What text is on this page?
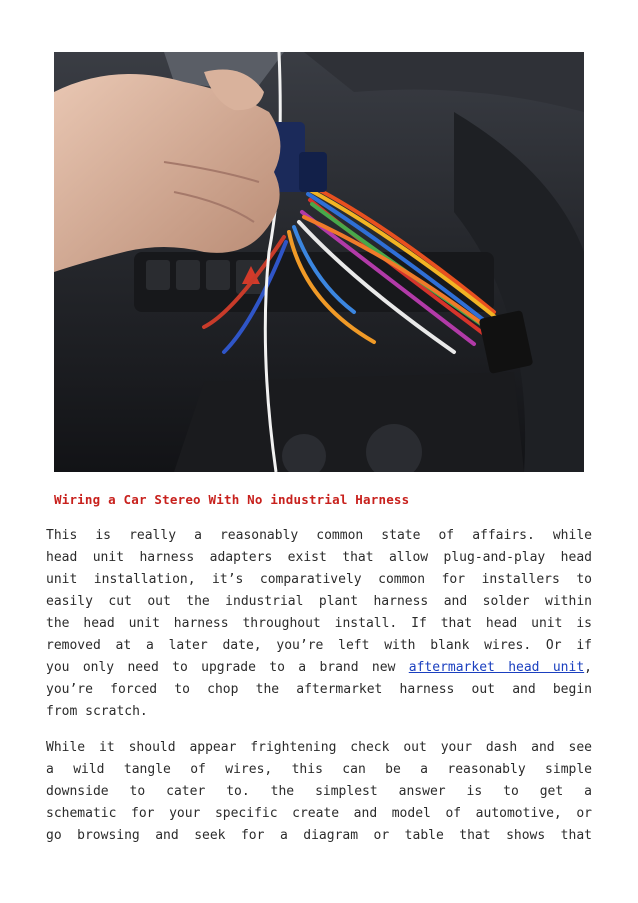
Wiring a Car Stereo With No industrial Harness

This is really a reasonably common state of affairs. while
head unit harness adapters exist that allow plug-and-play head
unit installation, it’s comparatively common for installers to
easily cut out the industrial plant harness and solder within
the head unit harness throughout install. If that head unit is
removed at a later date, you’re left with blank wires. Or if
you only need to upgrade to a brand new aftermarket head unit,
you’re forced to chop the aftermarket harness out and begin
from scratch.
While it should appear frightening check out your dash and see
a wild tangle of wires, this can be a reasonably simple
downside to cater to. the simplest answer is to get a
schematic for your specific create and model of automotive, or
go browsing and seek for a diagram or table that shows that
